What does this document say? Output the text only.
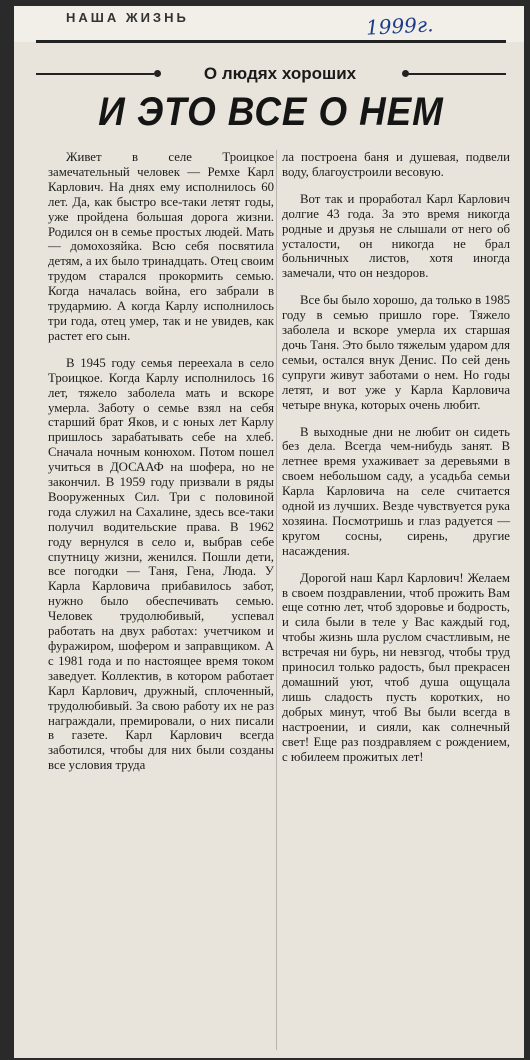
НАША ЖИЗНЬ	1999г.
О людях хороших
И ЭТО ВСЕ О НЕМ

Живет в селе Троицкое замечательный человек — Ремхе Карл Карлович. На днях ему исполнилось 60 лет. Да, как быстро все-таки летят годы, уже пройдена большая дорога жизни. Родился он в семье простых людей. Мать — домохозяйка. Всю себя посвятила детям, а их было тринадцать. Отец своим трудом старался прокормить семью. Когда началась война, его забрали в трудармию. А когда Карлу исполнилось три года, отец умер, так и не увидев, как растет его сын.

В 1945 году семья переехала в село Троицкое. Когда Карлу исполнилось 16 лет, тяжело заболела мать и вскоре умерла. Заботу о семье взял на себя старший брат Яков, и с юных лет Карлу пришлось зарабатывать себе на хлеб. Сначала ночным конюхом. Потом пошел учиться в ДОСААФ на шофера, но не закончил. В 1959 году призвали в ряды Вооруженных Сил. Три с половиной года служил на Сахалине, здесь все-таки получил водительские права. В 1962 году вернулся в село и, выбрав себе спутницу жизни, женился. Пошли дети, все погодки — Таня, Гена, Люда. У Карла Карловича прибавилось забот, нужно было обеспечивать семью. Человек трудолюбивый, успевал работать на двух работах: учетчиком и фуражиром, шофером и заправщиком. А с 1981 года и по настоящее время током заведует. Коллектив, в котором работает Карл Карлович, дружный, сплоченный, трудолюбивый. За свою работу их не раз награждали, премировали, о них писали в газете. Карл Карлович всегда заботился, чтобы для них были созданы все условия труда

ла построена баня и душевая, подвели воду, благоустроили весовую.

Вот так и проработал Карл Карлович долгие 43 года. За это время никогда родные и друзья не слышали от него об усталости, он никогда не брал больничных листов, хотя иногда замечали, что он нездоров.

Все бы было хорошо, да только в 1985 году в семью пришло горе. Тяжело заболела и вскоре умерла их старшая дочь Таня. Это было тяжелым ударом для семьи, остался внук Денис. По сей день супруги живут заботами о нем. Но годы летят, и вот уже у Карла Карловича четыре внука, которых очень любит.

В выходные дни не любит он сидеть без дела. Всегда чем-нибудь занят. В летнее время ухаживает за деревьями в своем небольшом саду, а усадьба семьи Карла Карловича на селе считается одной из лучших. Везде чувствуется рука хозяина. Посмотришь и глаз радуется — кругом сосны, сирень, другие насаждения.

Дорогой наш Карл Карлович! Желаем в своем поздравлении, чтоб прожить Вам еще сотню лет, чтоб здоровье и бодрость, и сила были в теле у Вас каждый год, чтобы жизнь шла руслом счастливым, не встречая ни бурь, ни невзгод, чтобы труд приносил только радость, был прекрасен домашний уют, чтоб душа ощущала лишь сладость пусть коротких, но добрых минут, чтоб Вы были всегда в настроении, и сияли, как солнечный свет! Еще раз поздравляем с рождением, с юбилеем прожитых лет!
